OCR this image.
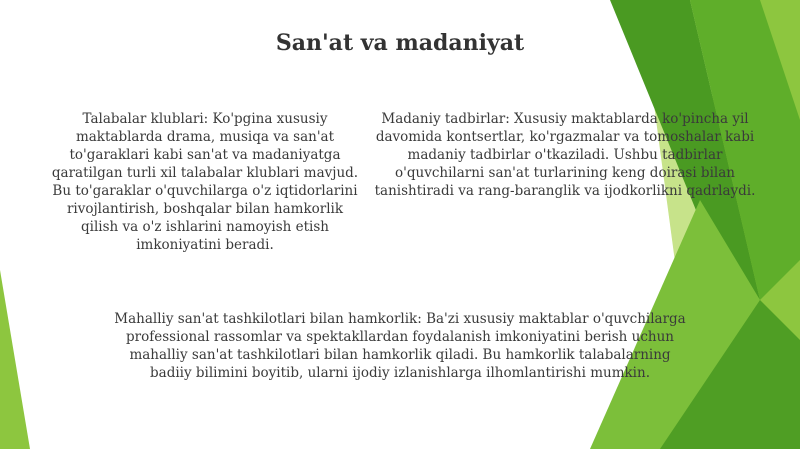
San'at va madaniyat
Talabalar klublari: Ko'pgina xususiy maktablarda drama, musiqa va san'at to'garaklari kabi san'at va madaniyatga qaratilgan turli xil talabalar klublari mavjud. Bu to'garaklar o'quvchilarga o'z iqtidorlarini rivojlantirish, boshqalar bilan hamkorlik qilish va o'z ishlarini namoyish etish imkoniyatini beradi.
Madaniy tadbirlar: Xususiy maktablarda ko'pincha yil davomida kontsertlar, ko'rgazmalar va tomoshalar kabi madaniy tadbirlar o'tkaziladi. Ushbu tadbirlar o'quvchilarni san'at turlarining keng doirasi bilan tanishtiradi va rang-baranglik va ijodkorlikni qadrlaydi.
Mahalliy san'at tashkilotlari bilan hamkorlik: Ba'zi xususiy maktablar o'quvchilarga professional rassomlar va spektakllardan foydalanish imkoniyatini berish uchun mahalliy san'at tashkilotlari bilan hamkorlik qiladi. Bu hamkorlik talabalarning badiiy bilimini boyitib, ularni ijodiy izlanishlarga ilhomlantirishi mumkin.
